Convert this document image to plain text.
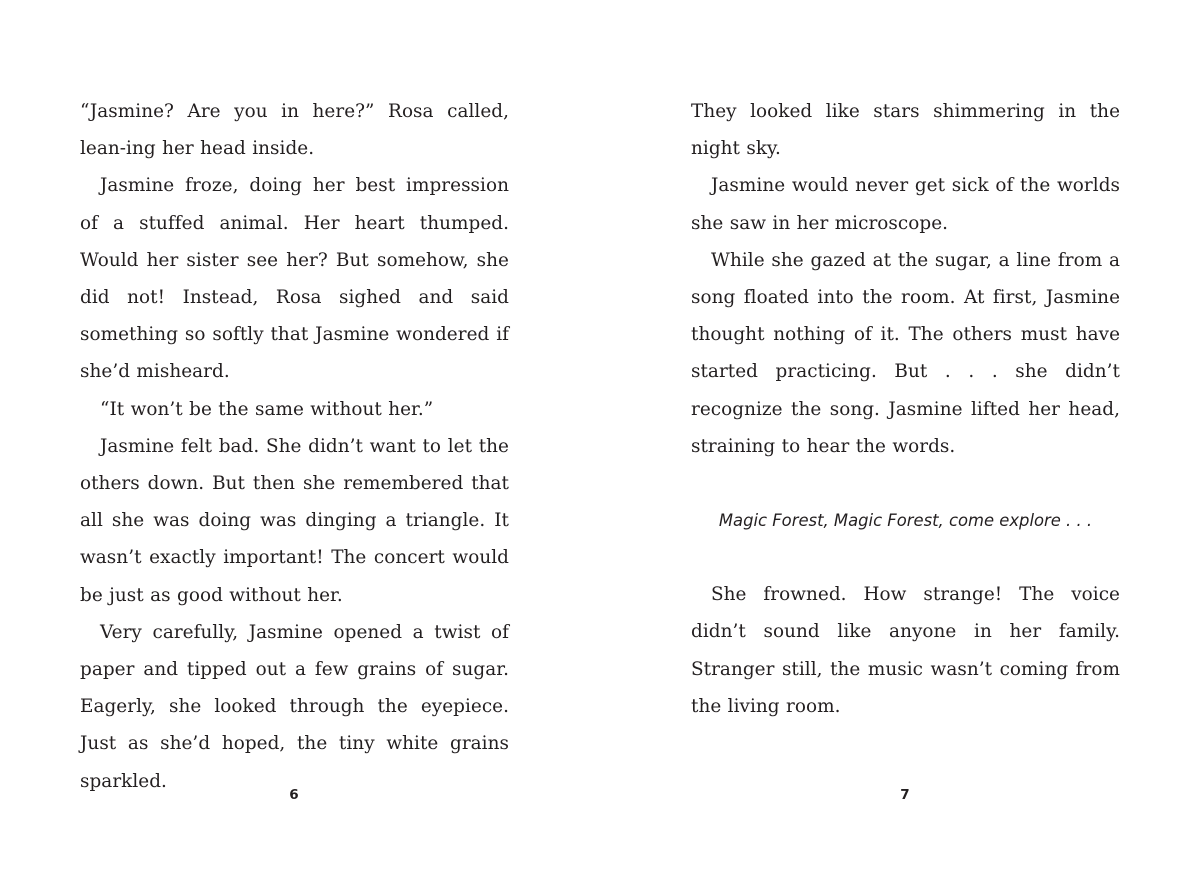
“Jasmine? Are you in here?” Rosa called, lean-ing her head inside.

Jasmine froze, doing her best impression of a stuffed animal. Her heart thumped. Would her sister see her? But somehow, she did not! Instead, Rosa sighed and said something so softly that Jasmine wondered if she’d misheard.

“It won’t be the same without her.”

Jasmine felt bad. She didn’t want to let the others down. But then she remembered that all she was doing was dinging a triangle. It wasn’t exactly important! The concert would be just as good without her.

Very carefully, Jasmine opened a twist of paper and tipped out a few grains of sugar. Eagerly, she looked through the eyepiece. Just as she’d hoped, the tiny white grains sparkled.

6

They looked like stars shimmering in the night sky.

Jasmine would never get sick of the worlds she saw in her microscope.

While she gazed at the sugar, a line from a song floated into the room. At first, Jasmine thought nothing of it. The others must have started practicing. But . . . she didn’t recognize the song. Jasmine lifted her head, straining to hear the words.

Magic Forest, Magic Forest, come explore . . .

She frowned. How strange! The voice didn’t sound like anyone in her family. Stranger still, the music wasn’t coming from the living room.

7
